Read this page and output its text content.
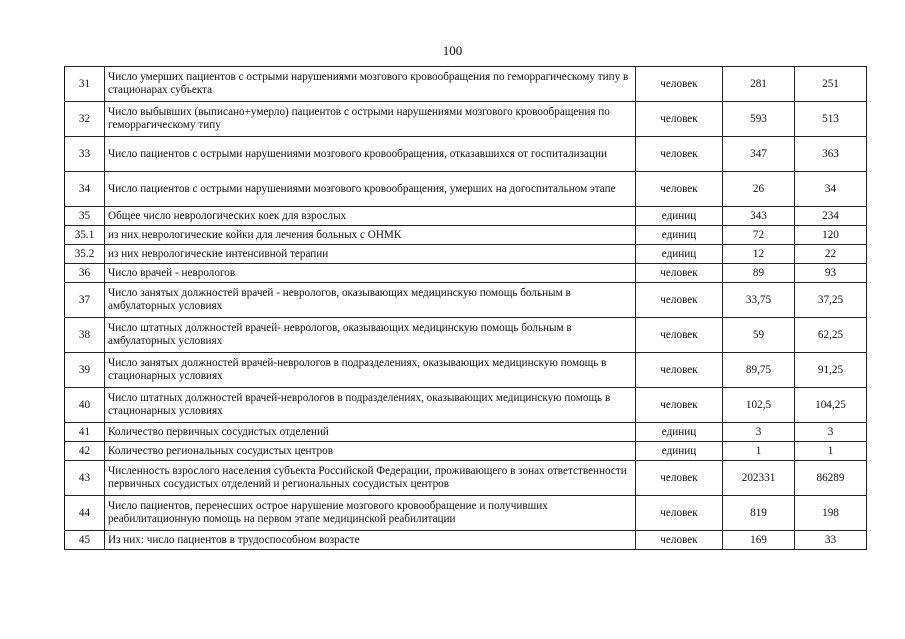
100
31	Число умерших пациентов с острыми нарушениями мозгового кровообращения по геморрагическому типу в стационарах субъекта	человек	281	251
32	Число выбывших (выписано+умерло) пациентов с острыми нарушениями мозгового кровообращения по геморрагическому типу	человек	593	513
33	Число пациентов с острыми нарушениями мозгового кровообращения, отказавшихся от госпитализации	человек	347	363
34	Число пациентов с острыми нарушениями мозгового кровообращения, умерших на догоспитальном этапе	человек	26	34
35	Общее число неврологических коек для взрослых	единиц	343	234
35.1	из них неврологические койки для лечения больных с ОНМК	единиц	72	120
35.2	из них неврологические интенсивной терапии	единиц	12	22
36	Число врачей - неврологов	человек	89	93
37	Число занятых должностей врачей - неврологов, оказывающих медицинскую помощь больным в амбулаторных условиях	человек	33,75	37,25
38	Число штатных должностей врачей- неврологов, оказывающих медицинскую помощь больным в амбулаторных условиях	человек	59	62,25
39	Число занятых должностей врачей-неврологов в подразделениях, оказывающих медицинскую помощь в стационарных условиях	человек	89,75	91,25
40	Число штатных должностей врачей-неврологов в подразделениях, оказывающих медицинскую помощь в стационарных условиях	человек	102,5	104,25
41	Количество первичных сосудистых отделений	единиц	3	3
42	Количество региональных сосудистых центров	единиц	1	1
43	Численность взрослого населения субъекта Российской Федерации, проживающего в зонах ответственности первичных сосудистых отделений и региональных сосудистых центров	человек	202331	86289
44	Число пациентов, перенесших острое нарушение мозгового кровообращение и получивших реабилитационную помощь на первом этапе медицинской реабилитации	человек	819	198
45	Из них: число пациентов в трудоспособном возрасте	человек	169	33
